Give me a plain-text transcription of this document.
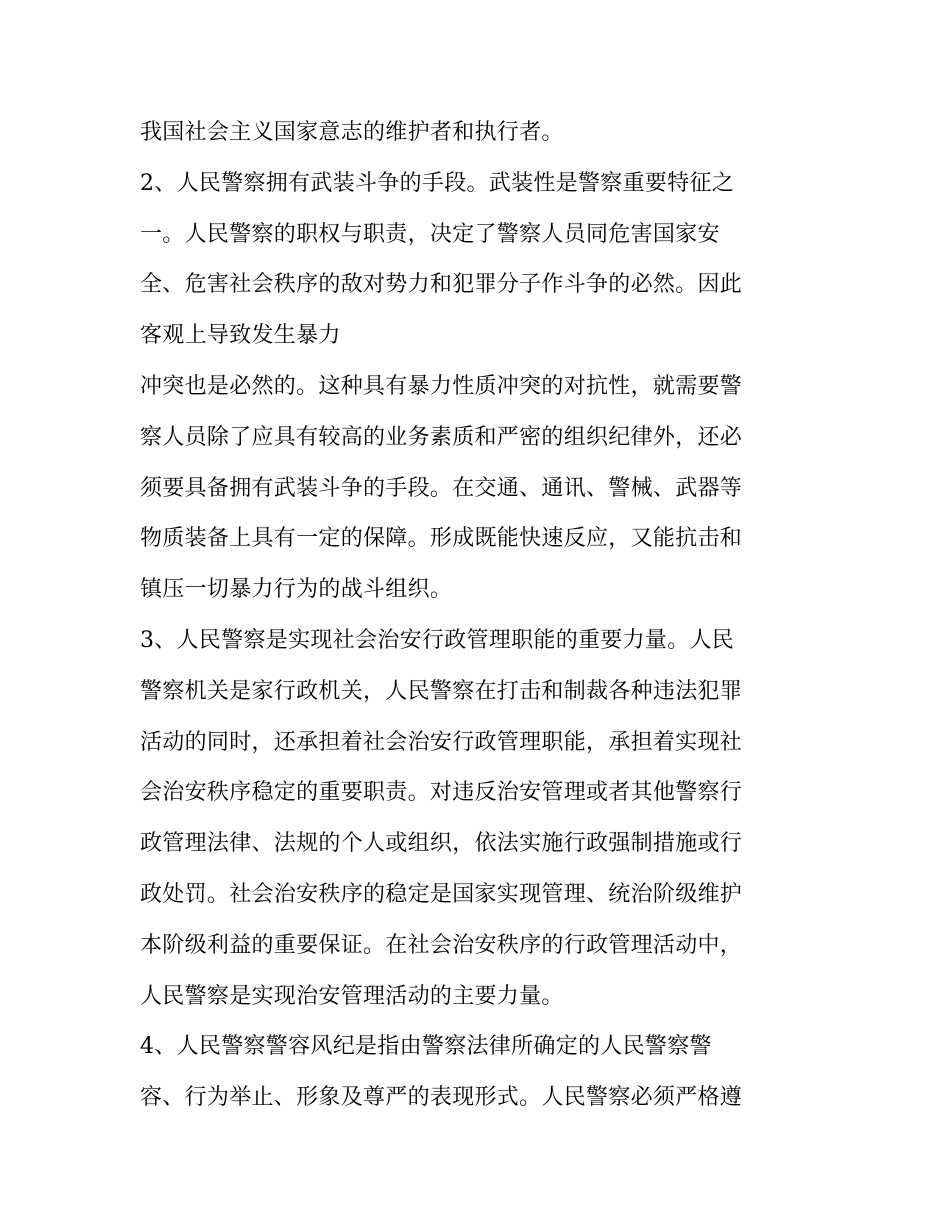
我国社会主义国家意志的维护者和执行者。
2、人民警察拥有武装斗争的手段。武装性是警察重要特征之
一。人民警察的职权与职责，决定了警察人员同危害国家安
全、危害社会秩序的敌对势力和犯罪分子作斗争的必然。因此
客观上导致发生暴力
冲突也是必然的。这种具有暴力性质冲突的对抗性，就需要警
察人员除了应具有较高的业务素质和严密的组织纪律外，还必
须要具备拥有武装斗争的手段。在交通、通讯、警械、武器等
物质装备上具有一定的保障。形成既能快速反应，又能抗击和
镇压一切暴力行为的战斗组织。
3、人民警察是实现社会治安行政管理职能的重要力量。人民
警察机关是家行政机关，人民警察在打击和制裁各种违法犯罪
活动的同时，还承担着社会治安行政管理职能，承担着实现社
会治安秩序稳定的重要职责。对违反治安管理或者其他警察行
政管理法律、法规的个人或组织，依法实施行政强制措施或行
政处罚。社会治安秩序的稳定是国家实现管理、统治阶级维护
本阶级利益的重要保证。在社会治安秩序的行政管理活动中，
人民警察是实现治安管理活动的主要力量。
4、人民警察警容风纪是指由警察法律所确定的人民警察警
容、行为举止、形象及尊严的表现形式。人民警察必须严格遵
